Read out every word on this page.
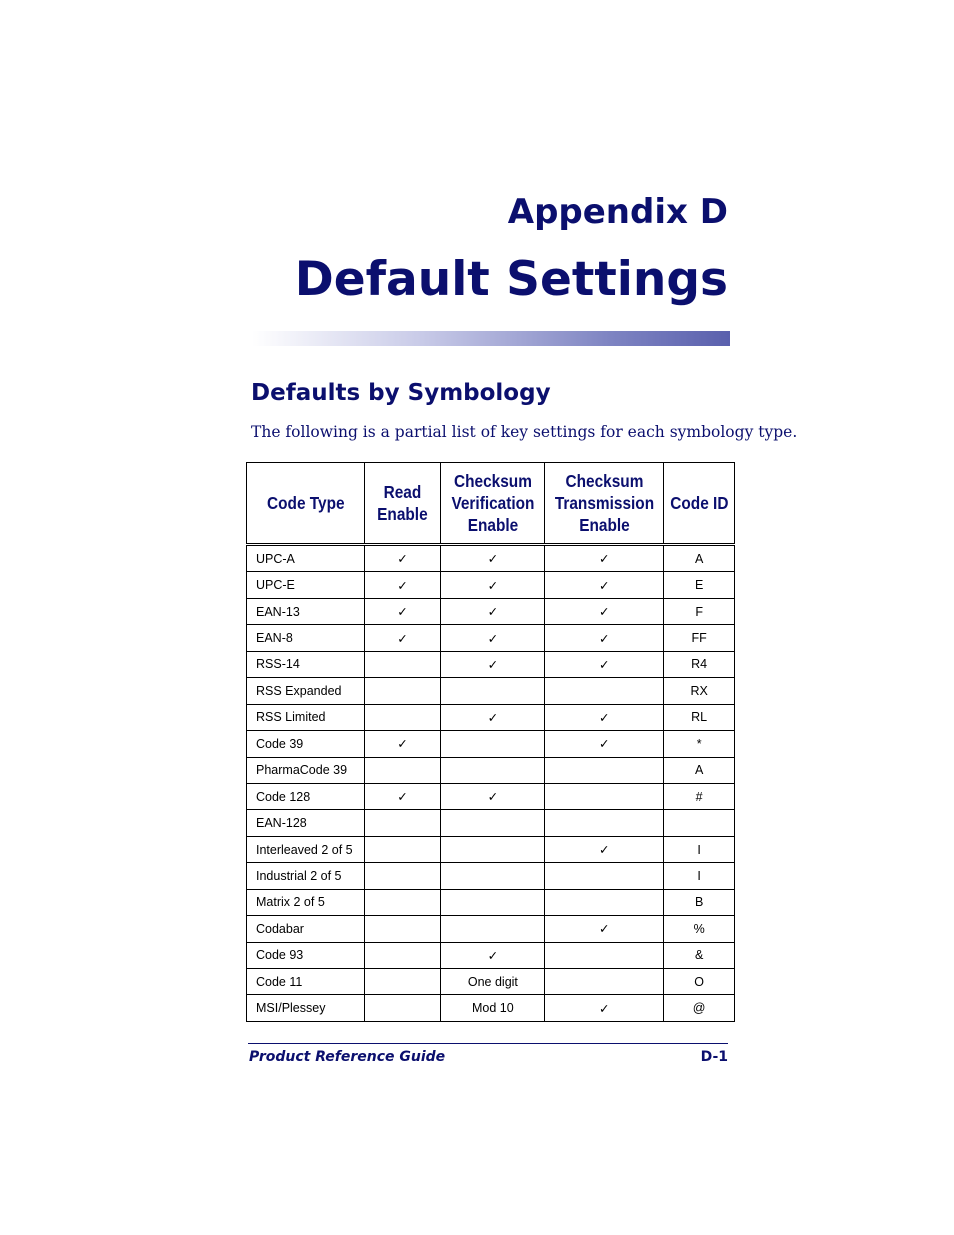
Appendix D
Default Settings
Defaults by Symbology

The following is a partial list of key settings for each symbology type.

Code Type	Read Enable	Checksum Verification Enable	Checksum Transmission Enable	Code ID
UPC-A	✓	✓	✓	A
UPC-E	✓	✓	✓	E
EAN-13	✓	✓	✓	F
EAN-8	✓	✓	✓	FF
RSS-14		✓	✓	R4
RSS Expanded				RX
RSS Limited		✓	✓	RL
Code 39	✓		✓	*
PharmaCode 39				A
Code 128	✓	✓		#
EAN-128				
Interleaved 2 of 5			✓	I
Industrial 2 of 5				I
Matrix 2 of 5				B
Codabar			✓	%
Code 93		✓		&
Code 11		One digit		O
MSI/Plessey		Mod 10	✓	@

Product Reference Guide	D-1
